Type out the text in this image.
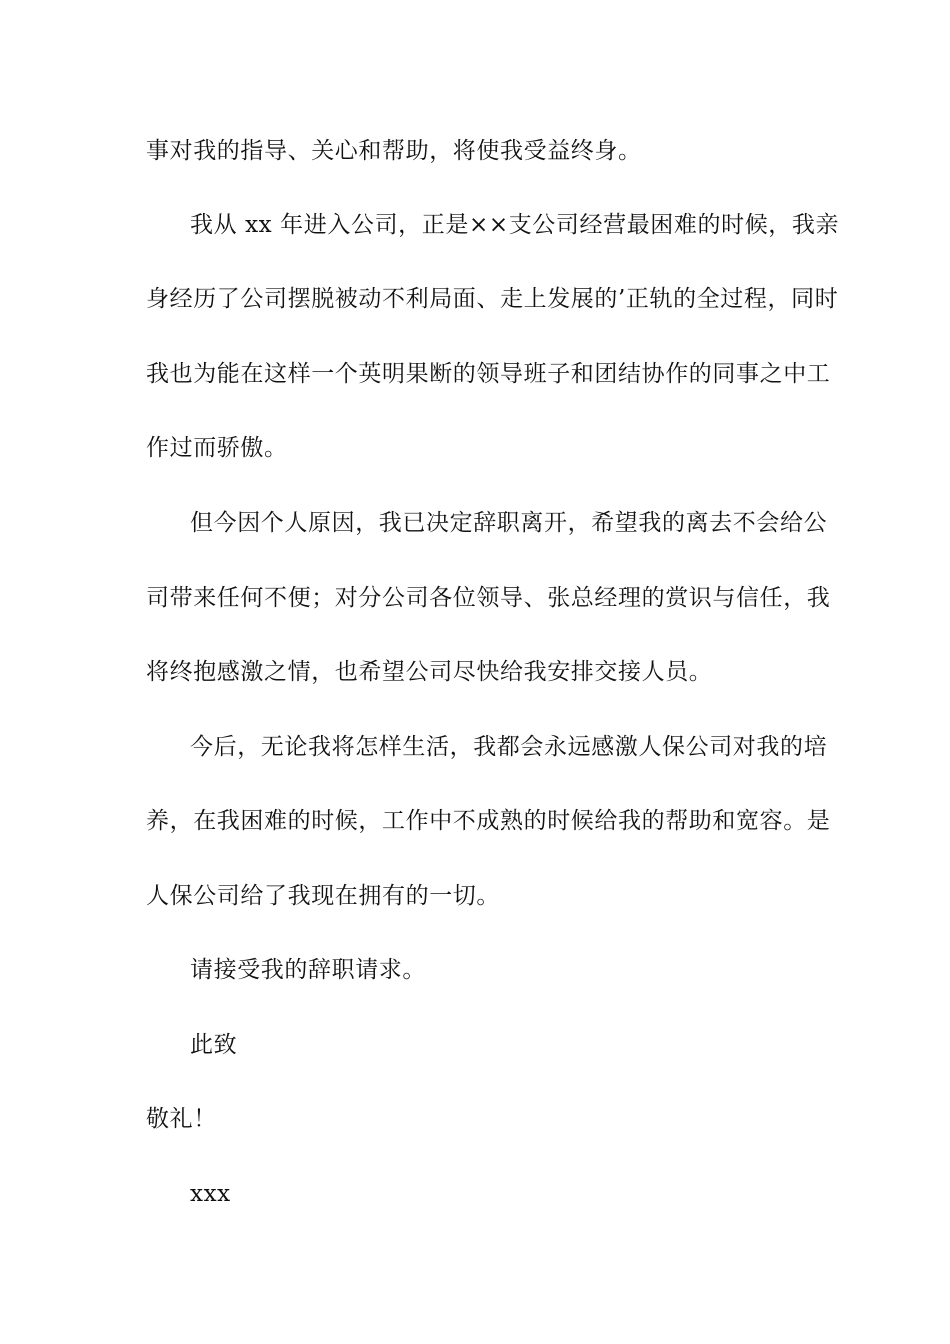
事对我的指导、关心和帮助，将使我受益终身。
我从 xx 年进入公司，正是××支公司经营最困难的时候，我亲
身经历了公司摆脱被动不利局面、走上发展的’正轨的全过程，同时
我也为能在这样一个英明果断的领导班子和团结协作的同事之中工
作过而骄傲。
但今因个人原因，我已决定辞职离开，希望我的离去不会给公
司带来任何不便；对分公司各位领导、张总经理的赏识与信任，我
将终抱感激之情，也希望公司尽快给我安排交接人员。
今后，无论我将怎样生活，我都会永远感激人保公司对我的培
养，在我困难的时候，工作中不成熟的时候给我的帮助和宽容。是
人保公司给了我现在拥有的一切。
请接受我的辞职请求。
此致
敬礼！
xxx
